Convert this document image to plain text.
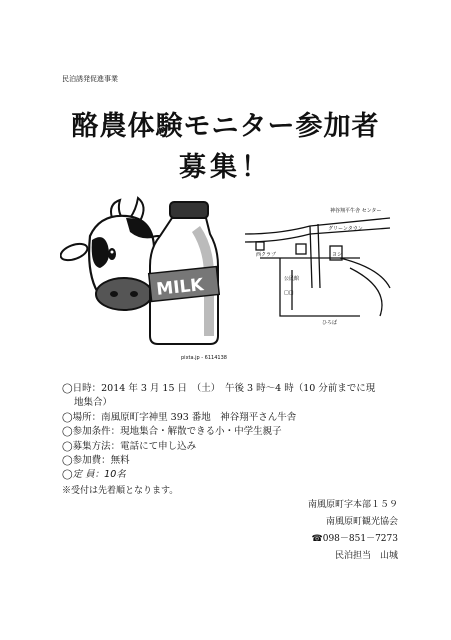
民泊誘発促進事業
酪農体験モニター参加者
募集！
MILK
神谷翔平牛舎 センター
グリーンタウン
西クラブ	ヨシ
ひろば
公民館
□□
pixta.jp - 6114138
◯日時：2014 年 3 月 15 日　（土）　午後 3 時〜4 時（10 分前までに現
地集合）
◯場所：南風原町字神里 393 番地　神谷翔平さん牛舎
◯参加条件：現地集合・解散できる小・中学生親子
◯募集方法：電話にて申し込み
◯参加費：無料
◯定 員：10名
※受付は先着順となります。
南風原町字本部１５９
南風原町観光協会
☎098－851－7273
民泊担当　山城
